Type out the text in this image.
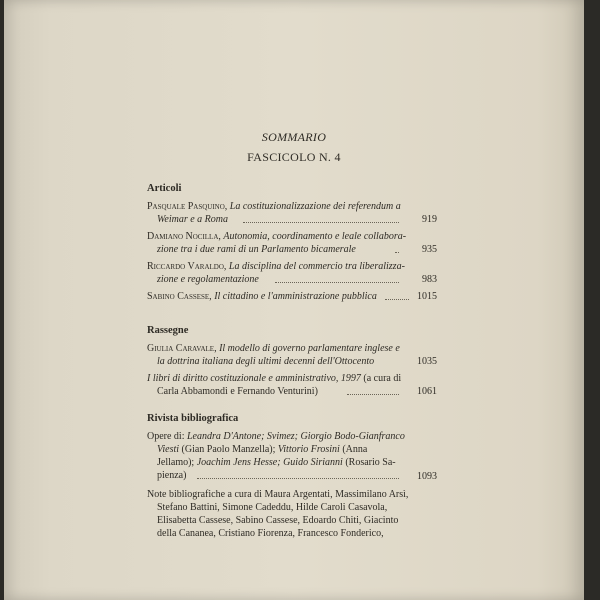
SOMMARIO
FASCICOLO N. 4
Articoli
Pasquale Pasquino, La costituzionalizzazione dei referendum a
Weimar e a Roma	919
Damiano Nocilla, Autonomia, coordinamento e leale collabora-
zione tra i due rami di un Parlamento bicamerale	935
Riccardo Varaldo, La disciplina del commercio tra liberalizza-
zione e regolamentazione	983
Sabino Cassese, Il cittadino e l'amministrazione pubblica	1015
Rassegne
Giulia Caravale, Il modello di governo parlamentare inglese e
la dottrina italiana degli ultimi decenni dell'Ottocento	1035
I libri di diritto costituzionale e amministrativo, 1997 (a cura di
Carla Abbamondi e Fernando Venturini)	1061
Rivista bibliografica
Opere di: Leandra D'Antone; Svimez; Giorgio Bodo-Gianfranco
Viesti (Gian Paolo Manzella); Vittorio Frosini (Anna
Jellamo); Joachim Jens Hesse; Guido Sirianni (Rosario Sa-
pienza)	1093
Note bibliografiche a cura di Maura Argentati, Massimilano Arsì,
Stefano Battini, Simone Cadeddu, Hilde Caroli Casavola,
Elisabetta Cassese, Sabino Cassese, Edoardo Chiti, Giacinto
della Cananea, Cristiano Fiorenza, Francesco Fonderico,
